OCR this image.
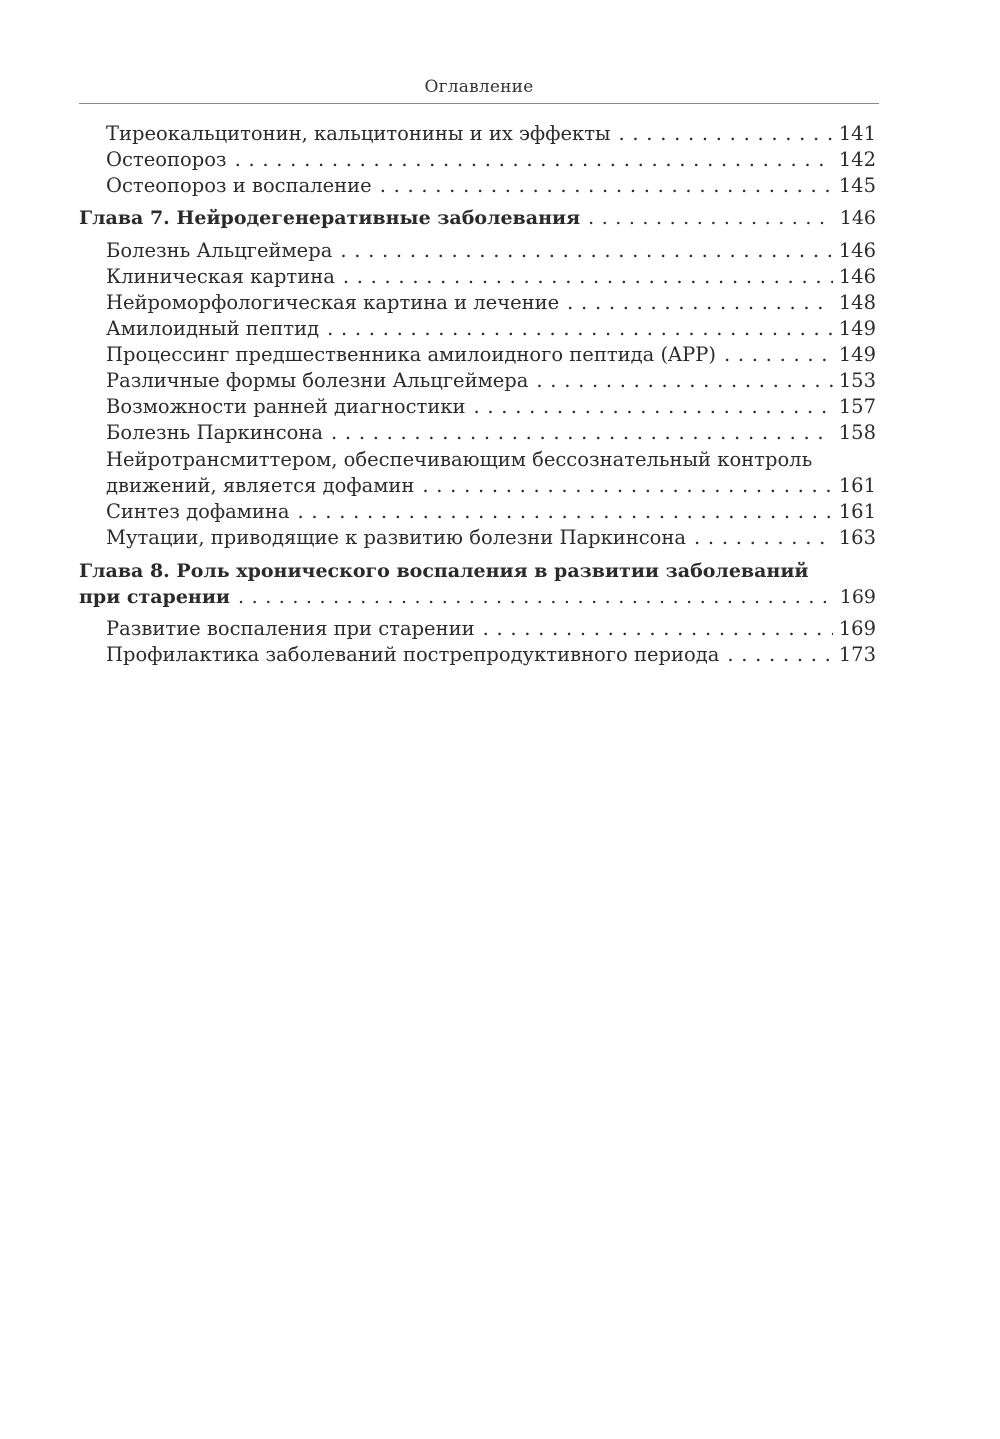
Оглавление
Тиреокальцитонин, кальцитонины и их эффекты . . .	141
Остеопороз . . .	142
Остеопороз и воспаление . . .	145
Глава 7. Нейродегенеративные заболевания . . .	146
Болезнь Альцгеймера . . .	146
Клиническая картина . . .	146
Нейроморфологическая картина и лечение . . .	148
Амилоидный пептид . . .	149
Процессинг предшественника амилоидного пептида (APP) . . .	149
Различные формы болезни Альцгеймера . . .	153
Возможности ранней диагностики . . .	157
Болезнь Паркинсона . . .	158
Нейротрансмиттером, обеспечивающим бессознательный контроль
движений, является дофамин . . .	161
Синтез дофамина . . .	161
Мутации, приводящие к развитию болезни Паркинсона . . .	163
Глава 8. Роль хронического воспаления в развитии заболеваний
при старении . . .	169
Развитие воспаления при старении . . .	169
Профилактика заболеваний пострепродуктивного периода . . .	173
